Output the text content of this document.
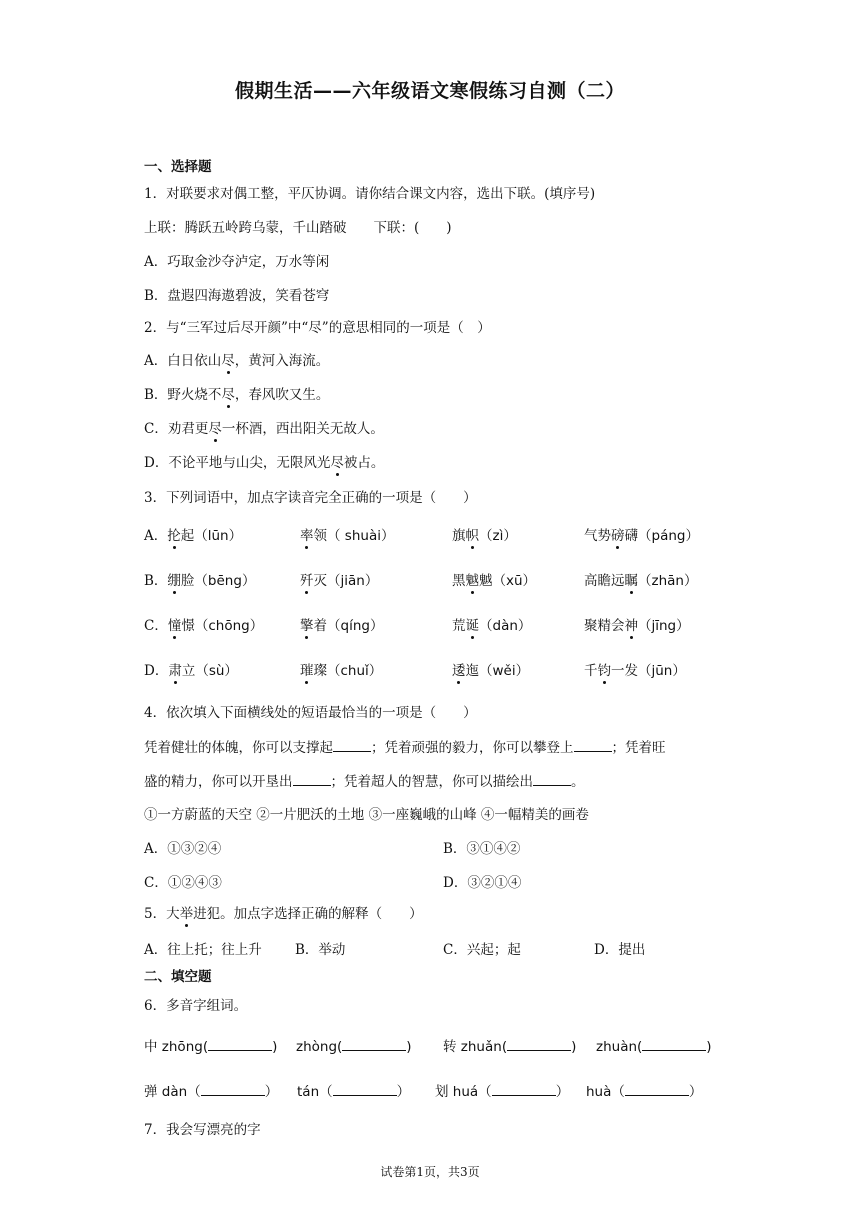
假期生活——六年级语文寒假练习自测（二）
一、选择题
1．对联要求对偶工整，平仄协调。请你结合课文内容，选出下联。(填序号)
上联：腾跃五岭跨乌蒙，千山踏破　　下联：(　　)
A．巧取金沙夺泸定，万水等闲
B．盘遐四海遨碧波，笑看苍穹
2．与“三军过后尽开颜”中“尽”的意思相同的一项是（　）
A．白日依山尽，黄河入海流。
B．野火烧不尽，春风吹又生。
C．劝君更尽一杯酒，西出阳关无故人。
D．不论平地与山尖，无限风光尽被占。
3．下列词语中，加点字读音完全正确的一项是（　　）
A．抡起（lūn）	率领（ shuài）	旗帜（zì）	气势磅礴（páng）
B．绷脸（bēng）	歼灭（jiān）	黑魆魆（xū）	高瞻远瞩（zhān）
C．憧憬（chōng）	擎着（qíng）	荒诞（dàn）	聚精会神（jīng）
D．肃立（sù）	璀璨（chuǐ）	逶迤（wěi）	千钧一发（jūn）
4．依次填入下面横线处的短语最恰当的一项是（　　）
凭着健壮的体魄，你可以支撑起	；凭着顽强的毅力，你可以攀登上	；凭着旺
盛的精力，你可以开垦出	；凭着超人的智慧，你可以描绘出	。
①一方蔚蓝的天空 ②一片肥沃的土地 ③一座巍峨的山峰 ④一幅精美的画卷
A．①③②④	B．③①④②
C．①②④③	D．③②①④
5．大举进犯。加点字选择正确的解释（　　）
A．往上托；往上升 B．举动	C．兴起；起	D．提出
二、填空题
6．多音字组词。
中 zhōng(	) zhòng(	) 转 zhuǎn(	) zhuàn(	)
弹 dàn（	） tán（	） 划 huá（	） huà（	）
7．我会写漂亮的字
试卷第1页，共3页
